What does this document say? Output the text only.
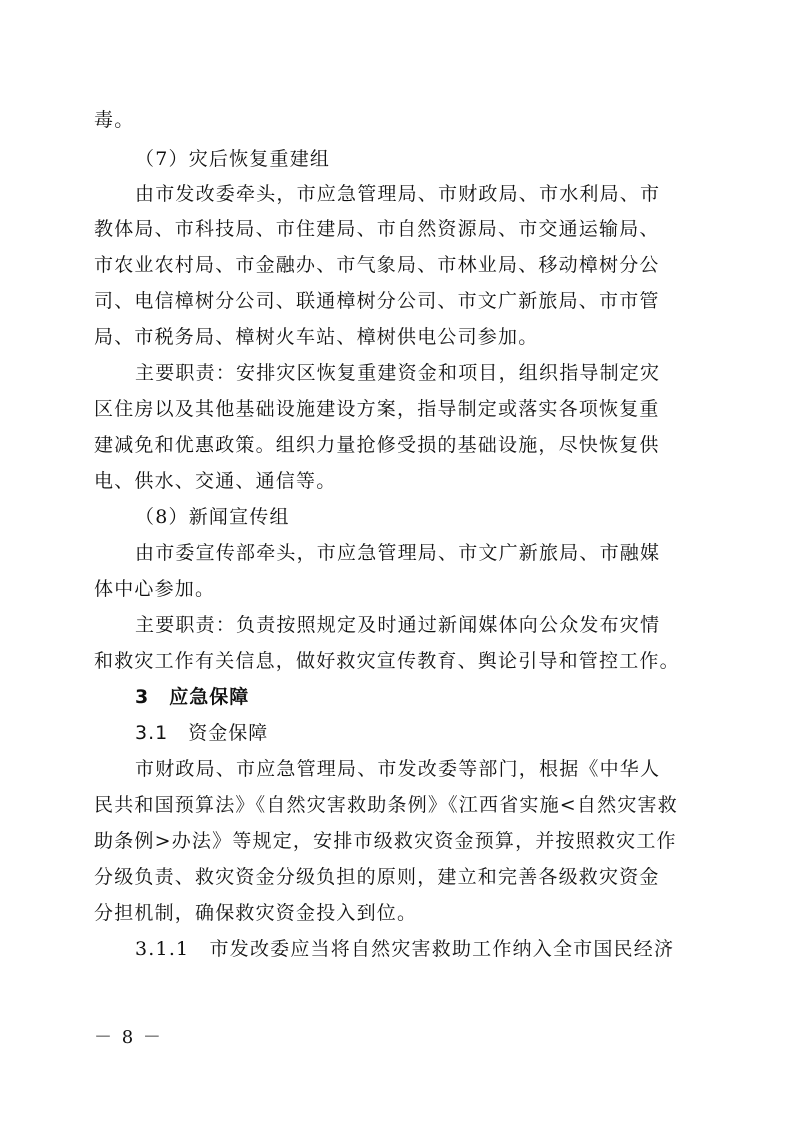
毒。

（7）灾后恢复重建组

由市发改委牵头，市应急管理局、市财政局、市水利局、市

教体局、市科技局、市住建局、市自然资源局、市交通运输局、

市农业农村局、市金融办、市气象局、市林业局、移动樟树分公

司、电信樟树分公司、联通樟树分公司、市文广新旅局、市市管

局、市税务局、樟树火车站、樟树供电公司参加。

主要职责：安排灾区恢复重建资金和项目，组织指导制定灾

区住房以及其他基础设施建设方案，指导制定或落实各项恢复重

建减免和优惠政策。组织力量抢修受损的基础设施，尽快恢复供

电、供水、交通、通信等。

（8）新闻宣传组

由市委宣传部牵头，市应急管理局、市文广新旅局、市融媒

体中心参加。

主要职责：负责按照规定及时通过新闻媒体向公众发布灾情

和救灾工作有关信息，做好救灾宣传教育、舆论引导和管控工作。

3　应急保障

3.1　资金保障

市财政局、市应急管理局、市发改委等部门，根据《中华人

民共和国预算法》《自然灾害救助条例》《江西省实施<自然灾害救

助条例>办法》等规定，安排市级救灾资金预算，并按照救灾工作

分级负责、救灾资金分级负担的原则，建立和完善各级救灾资金

分担机制，确保救灾资金投入到位。

3.1.1　市发改委应当将自然灾害救助工作纳入全市国民经济

－ 8 －
